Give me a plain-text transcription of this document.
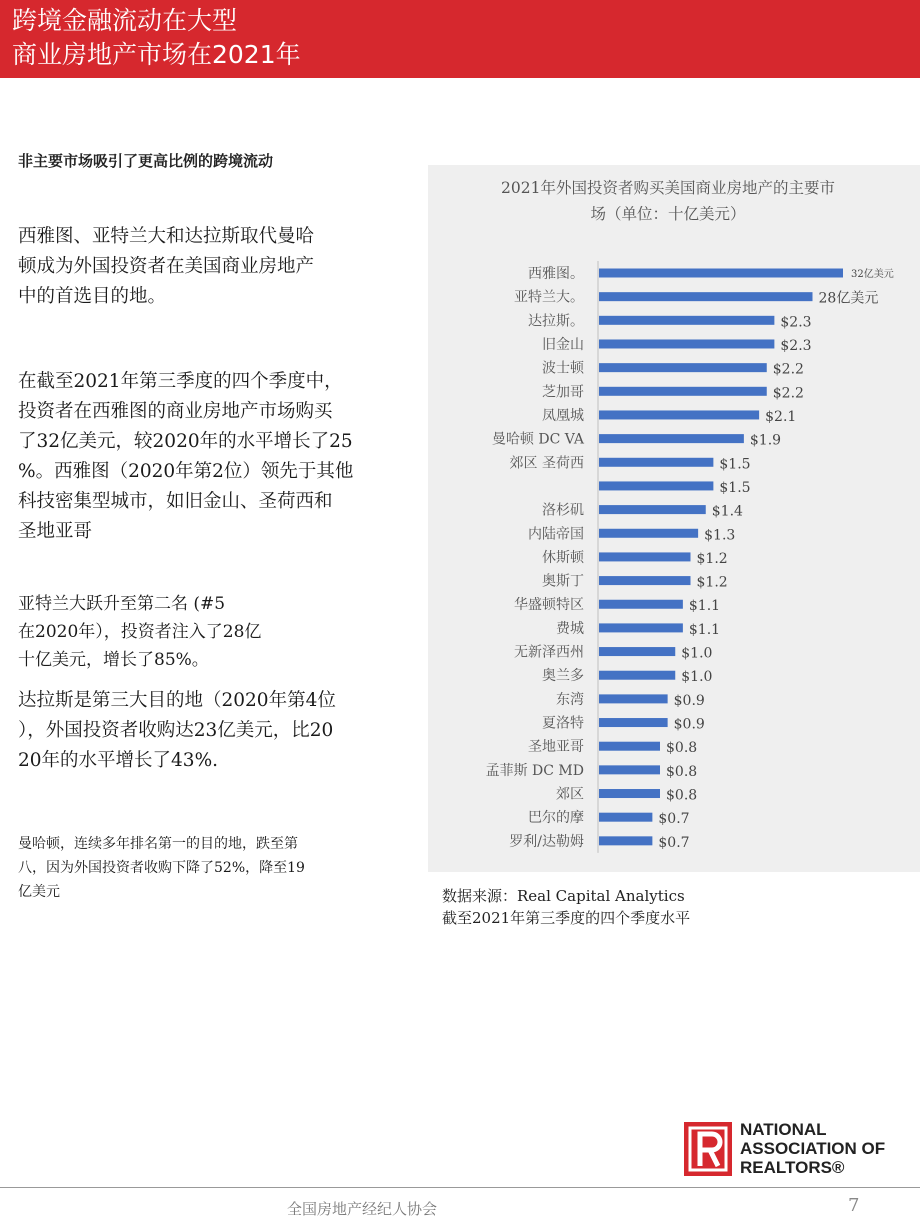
跨境金融流动在大型
商业房地产市场在2021年
非主要市场吸引了更高比例的跨境流动
西雅图、亚特兰大和达拉斯取代曼哈
顿成为外国投资者在美国商业房地产
中的首选目的地。
在截至2021年第三季度的四个季度中，
投资者在西雅图的商业房地产市场购买
了32亿美元，较2020年的水平增长了25
%。西雅图（2020年第2位）领先于其他
科技密集型城市，如旧金山、圣荷西和
圣地亚哥
亚特兰大跃升至第二名 (#5
在2020年），投资者注入了28亿
十亿美元，增长了85%。
达拉斯是第三大目的地（2020年第4位
），外国投资者收购达23亿美元，比20
20年的水平增长了43%.
曼哈顿，连续多年排名第一的目的地，跌至第
八，因为外国投资者收购下降了52%，降至19
亿美元
2021年外国投资者购买美国商业房地产的主要市
场（单位：十亿美元）
西雅图。	32亿美元
亚特兰大。	28亿美元
达拉斯。	$2.3
旧金山	$2.3
波士顿	$2.2
芝加哥	$2.2
凤凰城	$2.1
曼哈顿 DC VA	$1.9
郊区 圣荷西	$1.5
$1.5
洛杉矶	$1.4
内陆帝国	$1.3
休斯顿	$1.2
奥斯丁	$1.2
华盛顿特区	$1.1
费城	$1.1
无新泽西州	$1.0
奥兰多	$1.0
东湾	$0.9
夏洛特	$0.9
圣地亚哥	$0.8
孟菲斯 DC MD	$0.8
郊区	$0.8
巴尔的摩	$0.7
罗利/达勒姆	$0.7
数据来源：Real Capital Analytics
截至2021年第三季度的四个季度水平
NATIONAL
ASSOCIATION OF
REALTORS®
全国房地产经纪人协会	7
